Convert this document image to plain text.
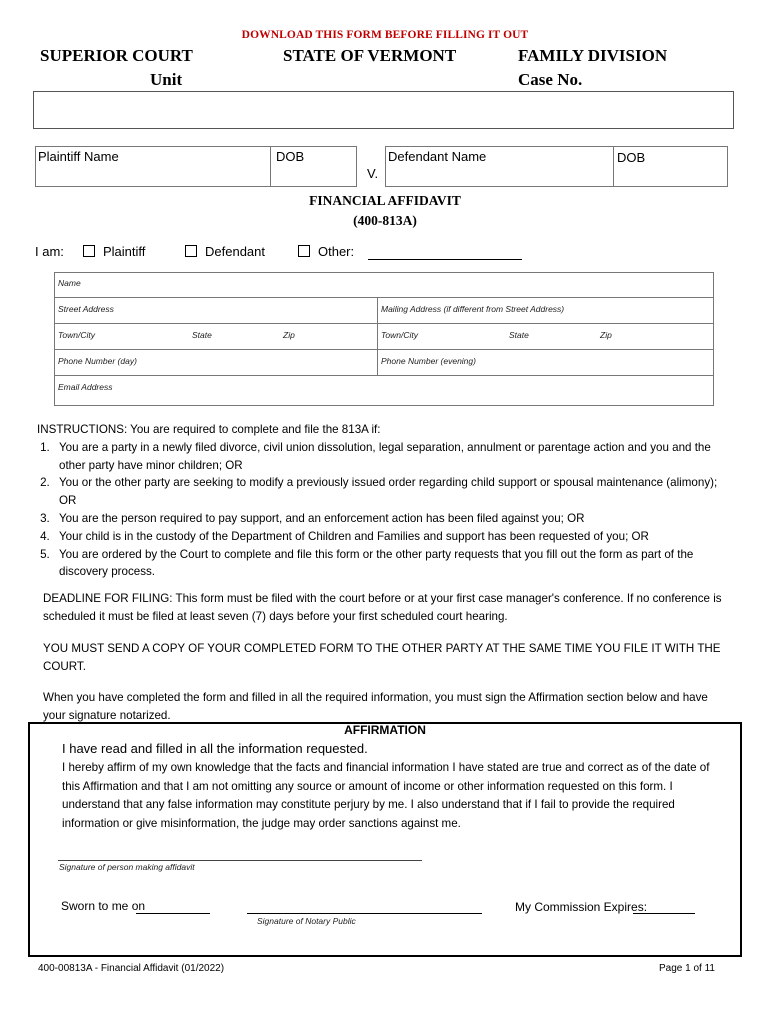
DOWNLOAD THIS FORM BEFORE FILLING IT OUT
SUPERIOR COURT
Unit
STATE OF VERMONT	FAMILY DIVISION
Case No.
Plaintiff Name	DOB
V.
Defendant Name	DOB
FINANCIAL AFFIDAVIT
(400-813A)
I am:	Plaintiff	Defendant	Other:
Name
Street Address	Mailing Address (if different from Street Address)
Town/City	State	Zip	Town/City	State	Zip
Phone Number (day)	Phone Number (evening)
Email Address
INSTRUCTIONS: You are required to complete and file the 813A if:
1. You are a party in a newly filed divorce, civil union dissolution, legal separation, annulment or parentage action and you and the other party have minor children; OR
2. You or the other party are seeking to modify a previously issued order regarding child support or spousal maintenance (alimony); OR
3. You are the person required to pay support, and an enforcement action has been filed against you; OR
4. Your child is in the custody of the Department of Children and Families and support has been requested of you; OR
5. You are ordered by the Court to complete and file this form or the other party requests that you fill out the form as part of the discovery process.
DEADLINE FOR FILING: This form must be filed with the court before or at your first case manager's conference. If no conference is scheduled it must be filed at least seven (7) days before your first scheduled court hearing.
YOU MUST SEND A COPY OF YOUR COMPLETED FORM TO THE OTHER PARTY AT THE SAME TIME YOU FILE IT WITH THE COURT.
When you have completed the form and filled in all the required information, you must sign the Affirmation section below and have your signature notarized.
AFFIRMATION
I have read and filled in all the information requested.
I hereby affirm of my own knowledge that the facts and financial information I have stated are true and correct as of the date of this Affirmation and that I am not omitting any source or amount of income or other information requested on this form. I understand that any false information may constitute perjury by me. I also understand that if I fail to provide the required information or give misinformation, the judge may order sanctions against me.
Signature of person making affidavit
Sworn to me on
Signature of Notary Public
My Commission Expires:
400-00813A - Financial Affidavit (01/2022)	Page 1 of 11
